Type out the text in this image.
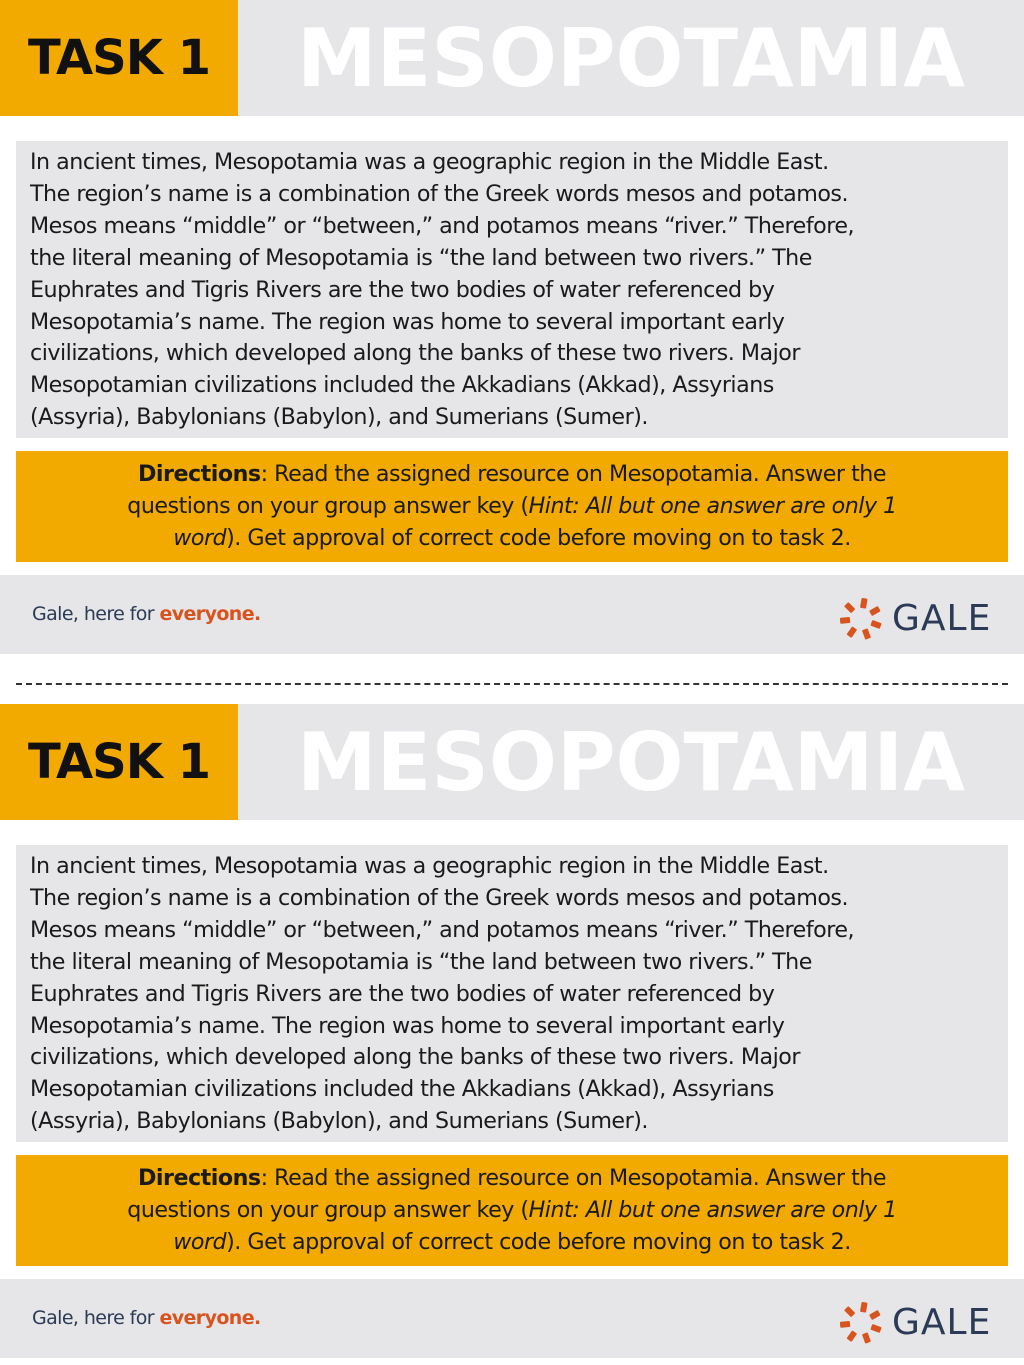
TASK 1	MESOPOTAMIA
In ancient times, Mesopotamia was a geographic region in the Middle East.
The region’s name is a combination of the Greek words mesos and potamos.
Mesos means “middle” or “between,” and potamos means “river.” Therefore,
the literal meaning of Mesopotamia is “the land between two rivers.” The
Euphrates and Tigris Rivers are the two bodies of water referenced by
Mesopotamia’s name. The region was home to several important early
civilizations, which developed along the banks of these two rivers. Major
Mesopotamian civilizations included the Akkadians (Akkad), Assyrians
(Assyria), Babylonians (Babylon), and Sumerians (Sumer).
Directions: Read the assigned resource on Mesopotamia. Answer the
questions on your group answer key (Hint: All but one answer are only 1
word). Get approval of correct code before moving on to task 2.
Gale, here for everyone.	GALE
TASK 1	MESOPOTAMIA
In ancient times, Mesopotamia was a geographic region in the Middle East.
The region’s name is a combination of the Greek words mesos and potamos.
Mesos means “middle” or “between,” and potamos means “river.” Therefore,
the literal meaning of Mesopotamia is “the land between two rivers.” The
Euphrates and Tigris Rivers are the two bodies of water referenced by
Mesopotamia’s name. The region was home to several important early
civilizations, which developed along the banks of these two rivers. Major
Mesopotamian civilizations included the Akkadians (Akkad), Assyrians
(Assyria), Babylonians (Babylon), and Sumerians (Sumer).
Directions: Read the assigned resource on Mesopotamia. Answer the
questions on your group answer key (Hint: All but one answer are only 1
word). Get approval of correct code before moving on to task 2.
Gale, here for everyone.	GALE
